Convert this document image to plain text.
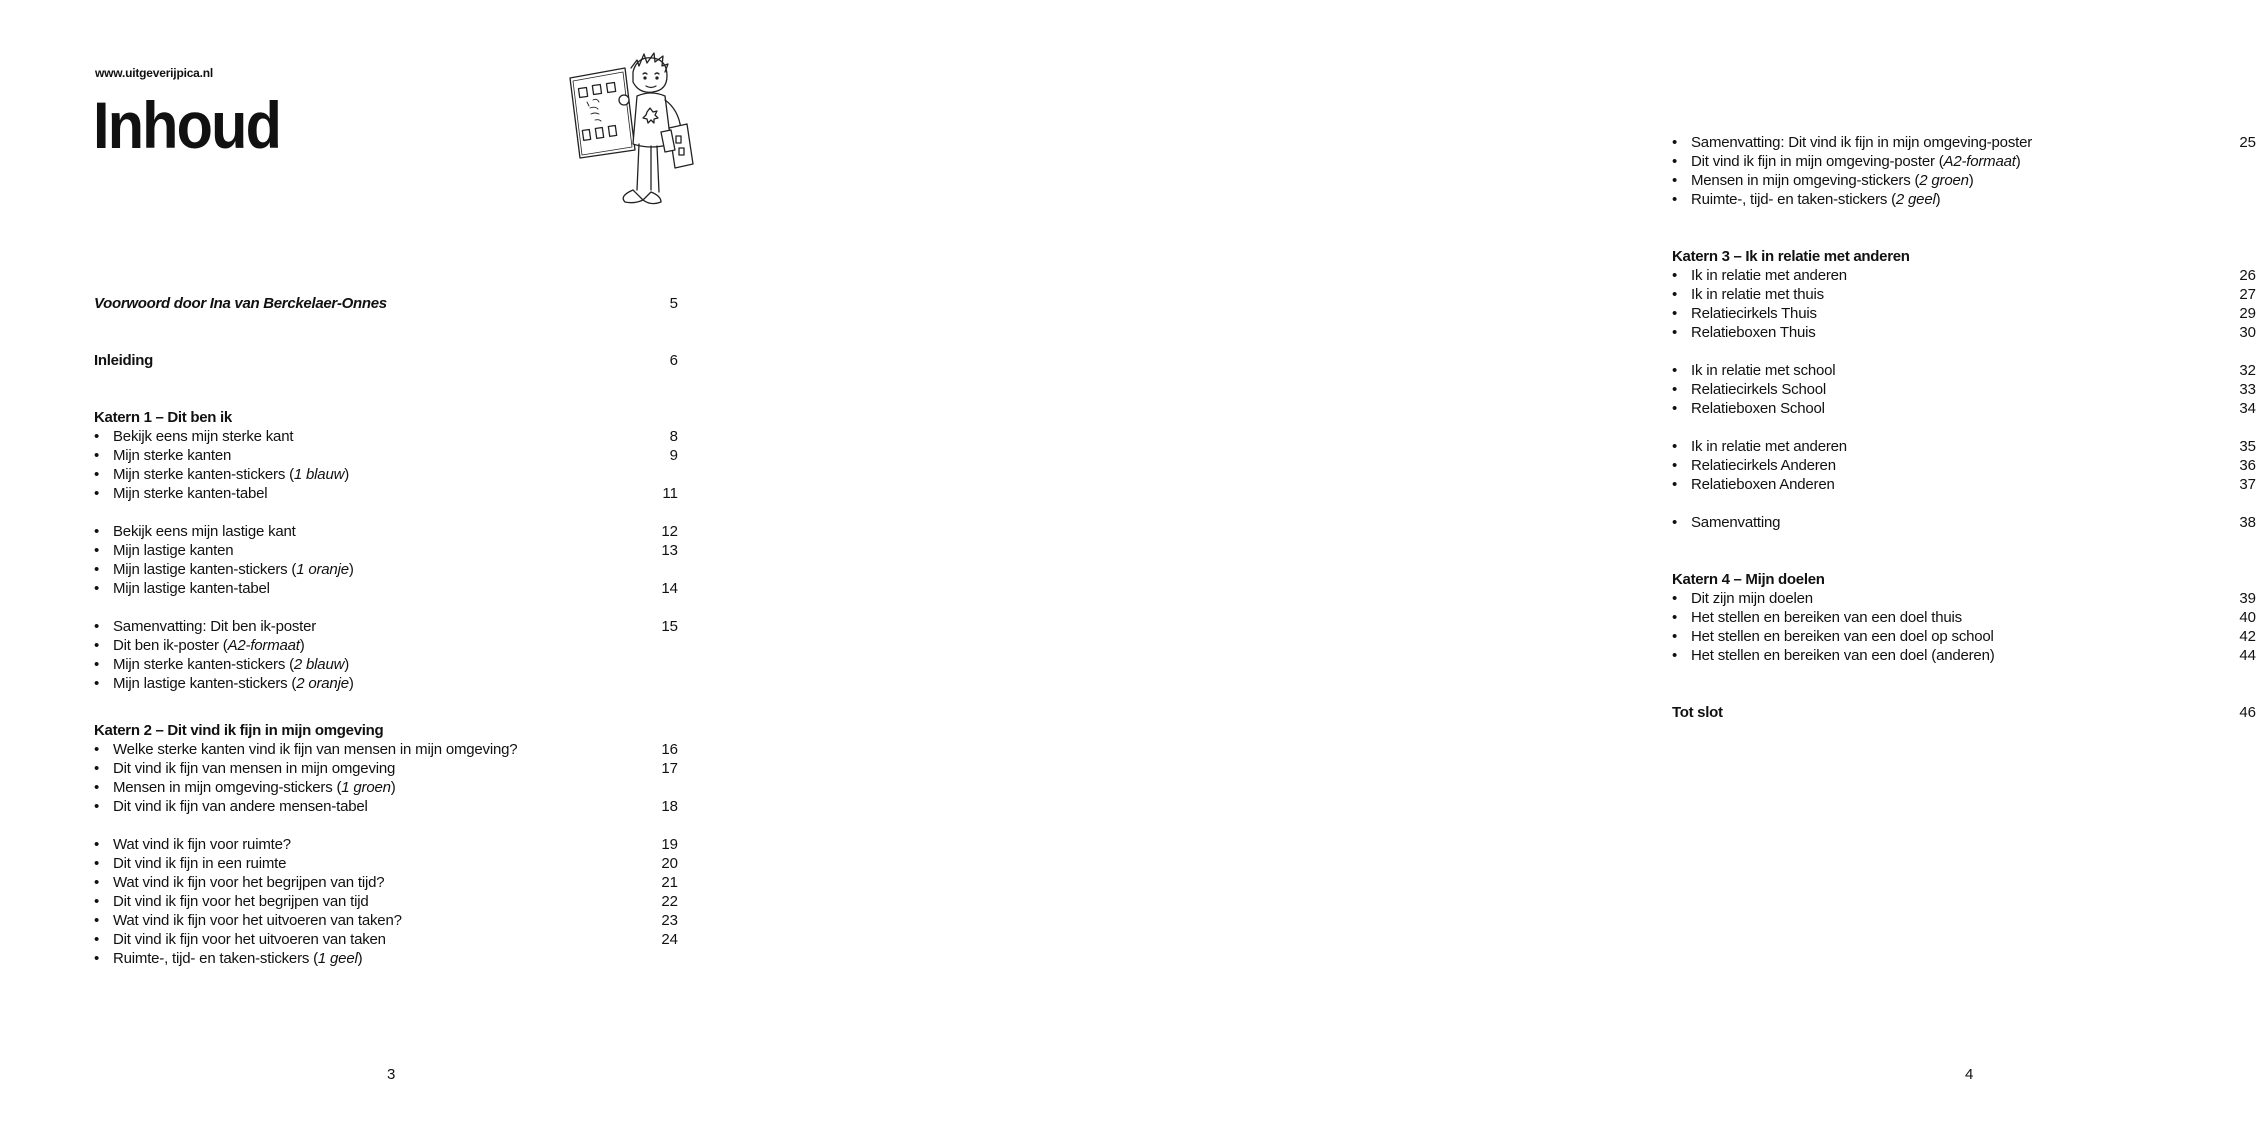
www.uitgeverijpica.nl
Inhoud
Voorwoord door Ina van Berckelaer-Onnes	5
Inleiding	6
Katern 1 – Dit ben ik
• Bekijk eens mijn sterke kant	8
• Mijn sterke kanten	9
• Mijn sterke kanten-stickers (1 blauw)
• Mijn sterke kanten-tabel	11
• Bekijk eens mijn lastige kant	12
• Mijn lastige kanten	13
• Mijn lastige kanten-stickers (1 oranje)
• Mijn lastige kanten-tabel	14
• Samenvatting: Dit ben ik-poster	15
• Dit ben ik-poster (A2-formaat)
• Mijn sterke kanten-stickers (2 blauw)
• Mijn lastige kanten-stickers (2 oranje)
Katern 2 – Dit vind ik fijn in mijn omgeving
• Welke sterke kanten vind ik fijn van mensen in mijn omgeving?	16
• Dit vind ik fijn van mensen in mijn omgeving	17
• Mensen in mijn omgeving-stickers (1 groen)
• Dit vind ik fijn van andere mensen-tabel	18
• Wat vind ik fijn voor ruimte?	19
• Dit vind ik fijn in een ruimte	20
• Wat vind ik fijn voor het begrijpen van tijd?	21
• Dit vind ik fijn voor het begrijpen van tijd	22
• Wat vind ik fijn voor het uitvoeren van taken?	23
• Dit vind ik fijn voor het uitvoeren van taken	24
• Ruimte-, tijd- en taken-stickers (1 geel)
3
• Samenvatting: Dit vind ik fijn in mijn omgeving-poster	25
• Dit vind ik fijn in mijn omgeving-poster (A2-formaat)
• Mensen in mijn omgeving-stickers (2 groen)
• Ruimte-, tijd- en taken-stickers (2 geel)
Katern 3 – Ik in relatie met anderen
• Ik in relatie met anderen	26
• Ik in relatie met thuis	27
• Relatiecirkels Thuis	29
• Relatieboxen Thuis	30
• Ik in relatie met school	32
• Relatiecirkels School	33
• Relatieboxen School	34
• Ik in relatie met anderen	35
• Relatiecirkels Anderen	36
• Relatieboxen Anderen	37
• Samenvatting	38
Katern 4 – Mijn doelen
• Dit zijn mijn doelen	39
• Het stellen en bereiken van een doel thuis	40
• Het stellen en bereiken van een doel op school	42
• Het stellen en bereiken van een doel (anderen)	44
Tot slot	46
4
